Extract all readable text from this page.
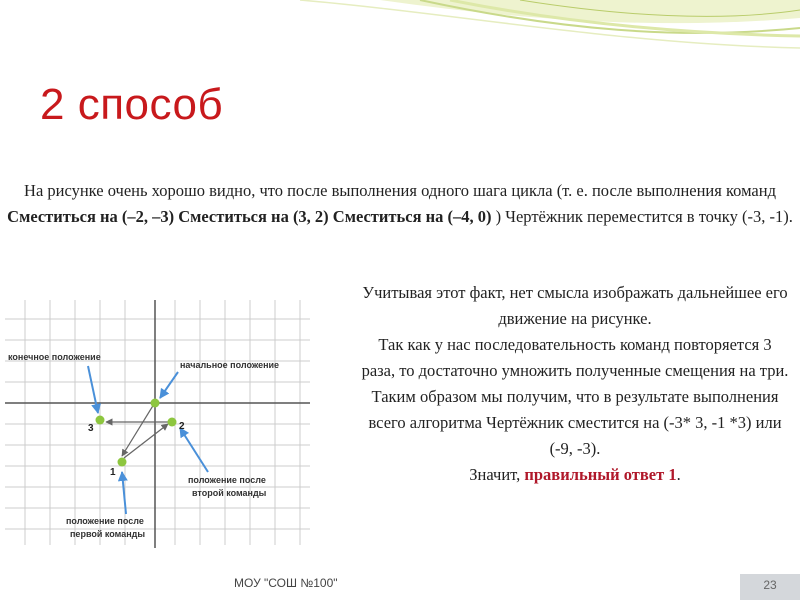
2 способ
На рисунке очень хорошо видно, что после выполнения одного шага цикла (т. е. после выполнения команд Сместиться на (–2, –3) Сместиться на (3, 2) Сместиться на (–4, 0) ) Чертёжник переместится в точку (-3, -1).
3	2
1
конечное положение
начальное положение
положение после
второй команды
положение после
первой команды

Учитывая этот факт, нет смысла изображать дальнейшее его движение на рисунке.

Так как у нас последовательность команд повторяется 3 раза, то достаточно умножить полученные смещения на три. Таким образом мы получим, что в результате выполнения всего алгоритма Чертёжник сместится на (-3* 3, -1 *3) или (-9, -3).

Значит, правильный ответ 1.

МОУ "СОШ №100"	23
